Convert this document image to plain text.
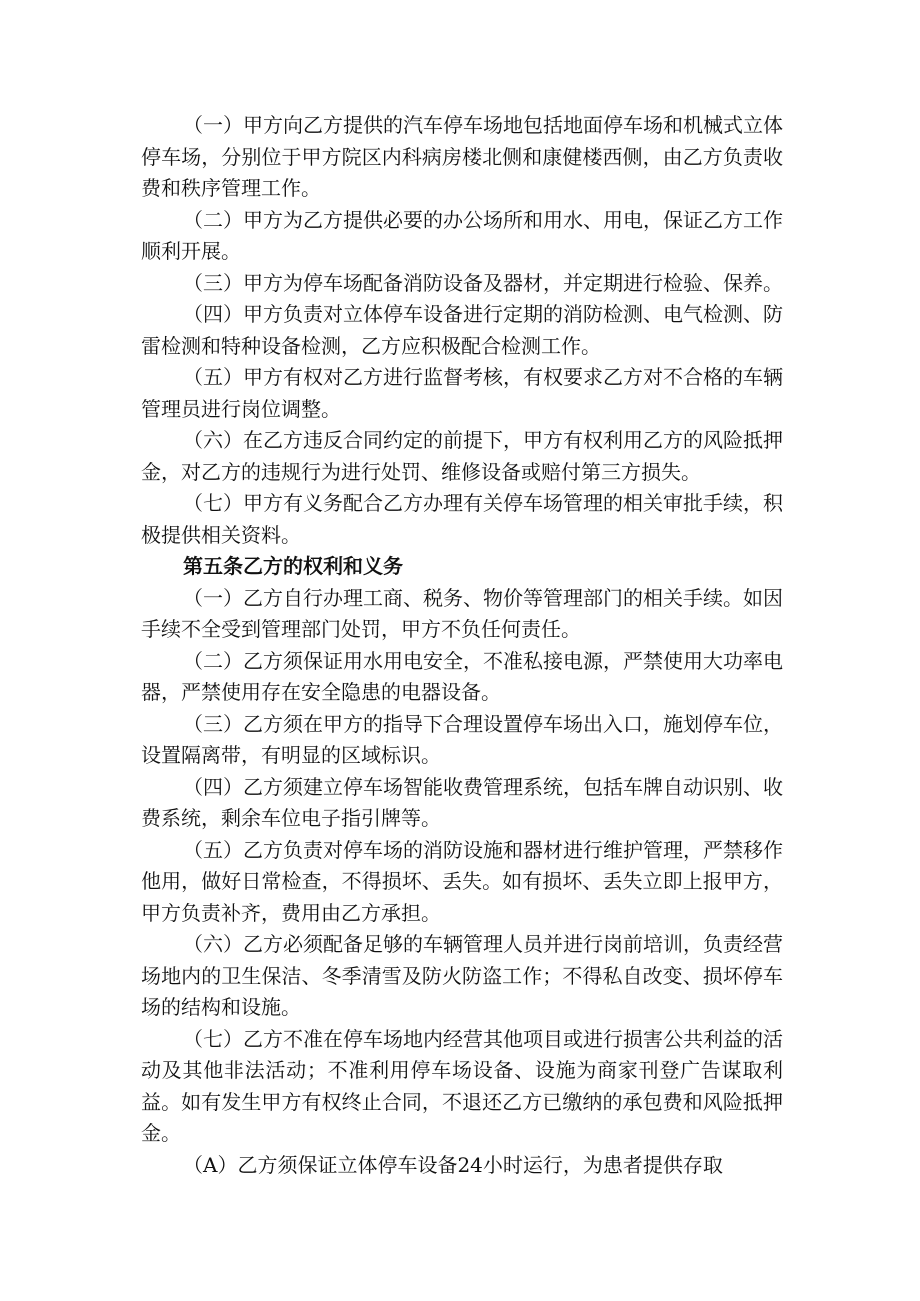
（一）甲方向乙方提供的汽车停车场地包括地面停车场和机械式立体停车场，分别位于甲方院区内科病房楼北侧和康健楼西侧，由乙方负责收费和秩序管理工作。

（二）甲方为乙方提供必要的办公场所和用水、用电，保证乙方工作顺利开展。

（三）甲方为停车场配备消防设备及器材，并定期进行检验、保养。

（四）甲方负责对立体停车设备进行定期的消防检测、电气检测、防雷检测和特种设备检测，乙方应积极配合检测工作。

（五）甲方有权对乙方进行监督考核，有权要求乙方对不合格的车辆管理员进行岗位调整。

（六）在乙方违反合同约定的前提下，甲方有权利用乙方的风险抵押金，对乙方的违规行为进行处罚、维修设备或赔付第三方损失。

（七）甲方有义务配合乙方办理有关停车场管理的相关审批手续，积极提供相关资料。

第五条乙方的权利和义务

（一）乙方自行办理工商、税务、物价等管理部门的相关手续。如因手续不全受到管理部门处罚，甲方不负任何责任。

（二）乙方须保证用水用电安全，不准私接电源，严禁使用大功率电器，严禁使用存在安全隐患的电器设备。

（三）乙方须在甲方的指导下合理设置停车场出入口，施划停车位，设置隔离带，有明显的区域标识。

（四）乙方须建立停车场智能收费管理系统，包括车牌自动识别、收费系统，剩余车位电子指引牌等。

（五）乙方负责对停车场的消防设施和器材进行维护管理，严禁移作他用，做好日常检查，不得损坏、丢失。如有损坏、丢失立即上报甲方，甲方负责补齐，费用由乙方承担。

（六）乙方必须配备足够的车辆管理人员并进行岗前培训，负责经营场地内的卫生保洁、冬季清雪及防火防盗工作；不得私自改变、损坏停车场的结构和设施。

（七）乙方不准在停车场地内经营其他项目或进行损害公共利益的活动及其他非法活动；不准利用停车场设备、设施为商家刊登广告谋取利益。如有发生甲方有权终止合同，不退还乙方已缴纳的承包费和风险抵押金。

（A）乙方须保证立体停车设备24小时运行，为患者提供存取
